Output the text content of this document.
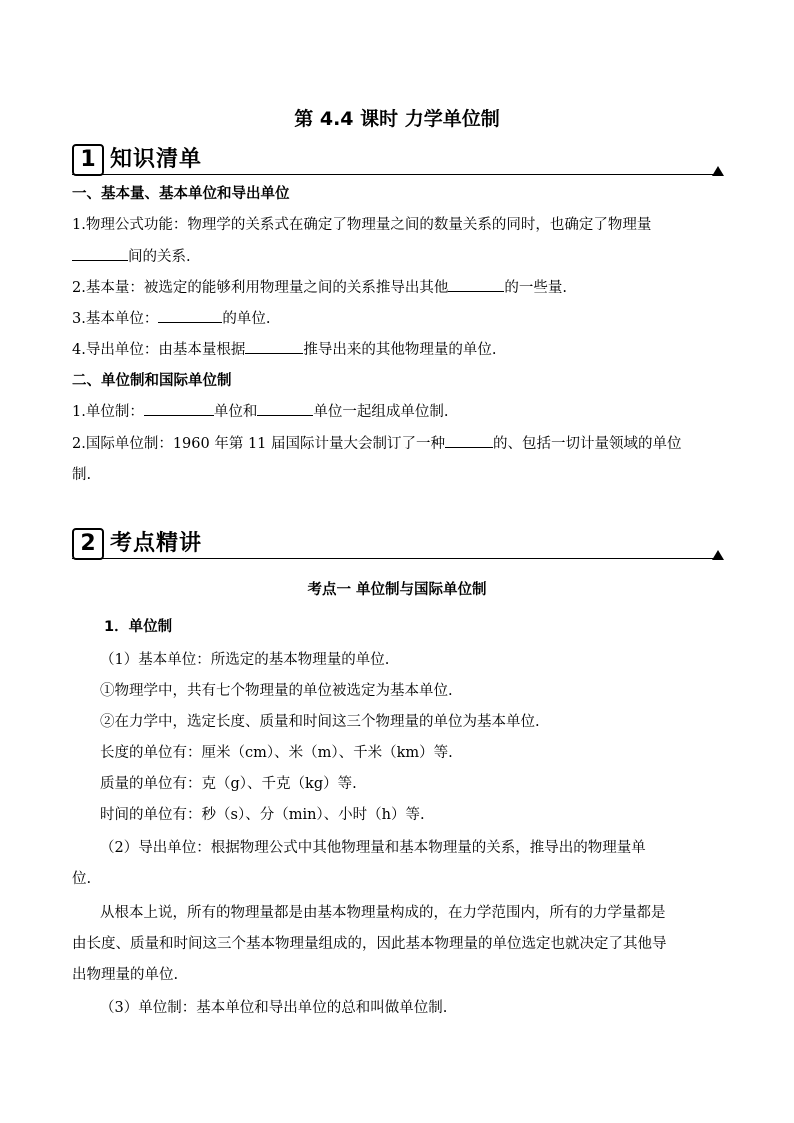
第 4.4 课时 力学单位制
1 知识清单
一、基本量、基本单位和导出单位
1.物理公式功能：物理学的关系式在确定了物理量之间的数量关系的同时，也确定了物理量
间的关系.
2.基本量：被选定的能够利用物理量之间的关系推导出其他	的一些量.
3.基本单位：	的单位.
4.导出单位：由基本量根据	推导出来的其他物理量的单位.
二、单位制和国际单位制
1.单位制：	单位和	单位一起组成单位制.
2.国际单位制：1960 年第 11 届国际计量大会制订了一种	的、包括一切计量领域的单位
制.
2 考点精讲
考点一 单位制与国际单位制
1．单位制
（1）基本单位：所选定的基本物理量的单位.
①物理学中，共有七个物理量的单位被选定为基本单位.
②在力学中，选定长度、质量和时间这三个物理量的单位为基本单位.
长度的单位有：厘米（cm）、米（m）、千米（km）等.
质量的单位有：克（g）、千克（kg）等.
时间的单位有：秒（s）、分（min）、小时（h）等.
（2）导出单位：根据物理公式中其他物理量和基本物理量的关系，推导出的物理量单
位.
从根本上说，所有的物理量都是由基本物理量构成的，在力学范围内，所有的力学量都是
由长度、质量和时间这三个基本物理量组成的，因此基本物理量的单位选定也就决定了其他导
出物理量的单位.
（3）单位制：基本单位和导出单位的总和叫做单位制.
